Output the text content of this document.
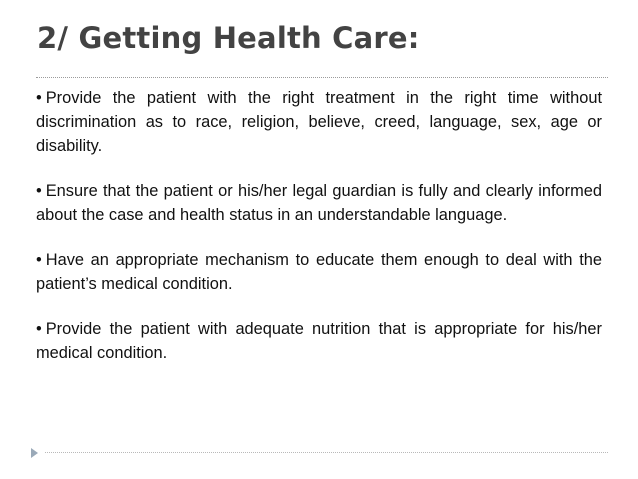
2/ Getting Health Care:

• Provide the patient with the right treatment in the right time without discrimination as to race, religion, believe, creed, language, sex, age or disability.

• Ensure that the patient or his/her legal guardian is fully and clearly informed about the case and health status in an understandable language.

• Have an appropriate mechanism to educate them enough to deal with the patient’s medical condition.

• Provide the patient with adequate nutrition that is appropriate for his/her medical condition.
